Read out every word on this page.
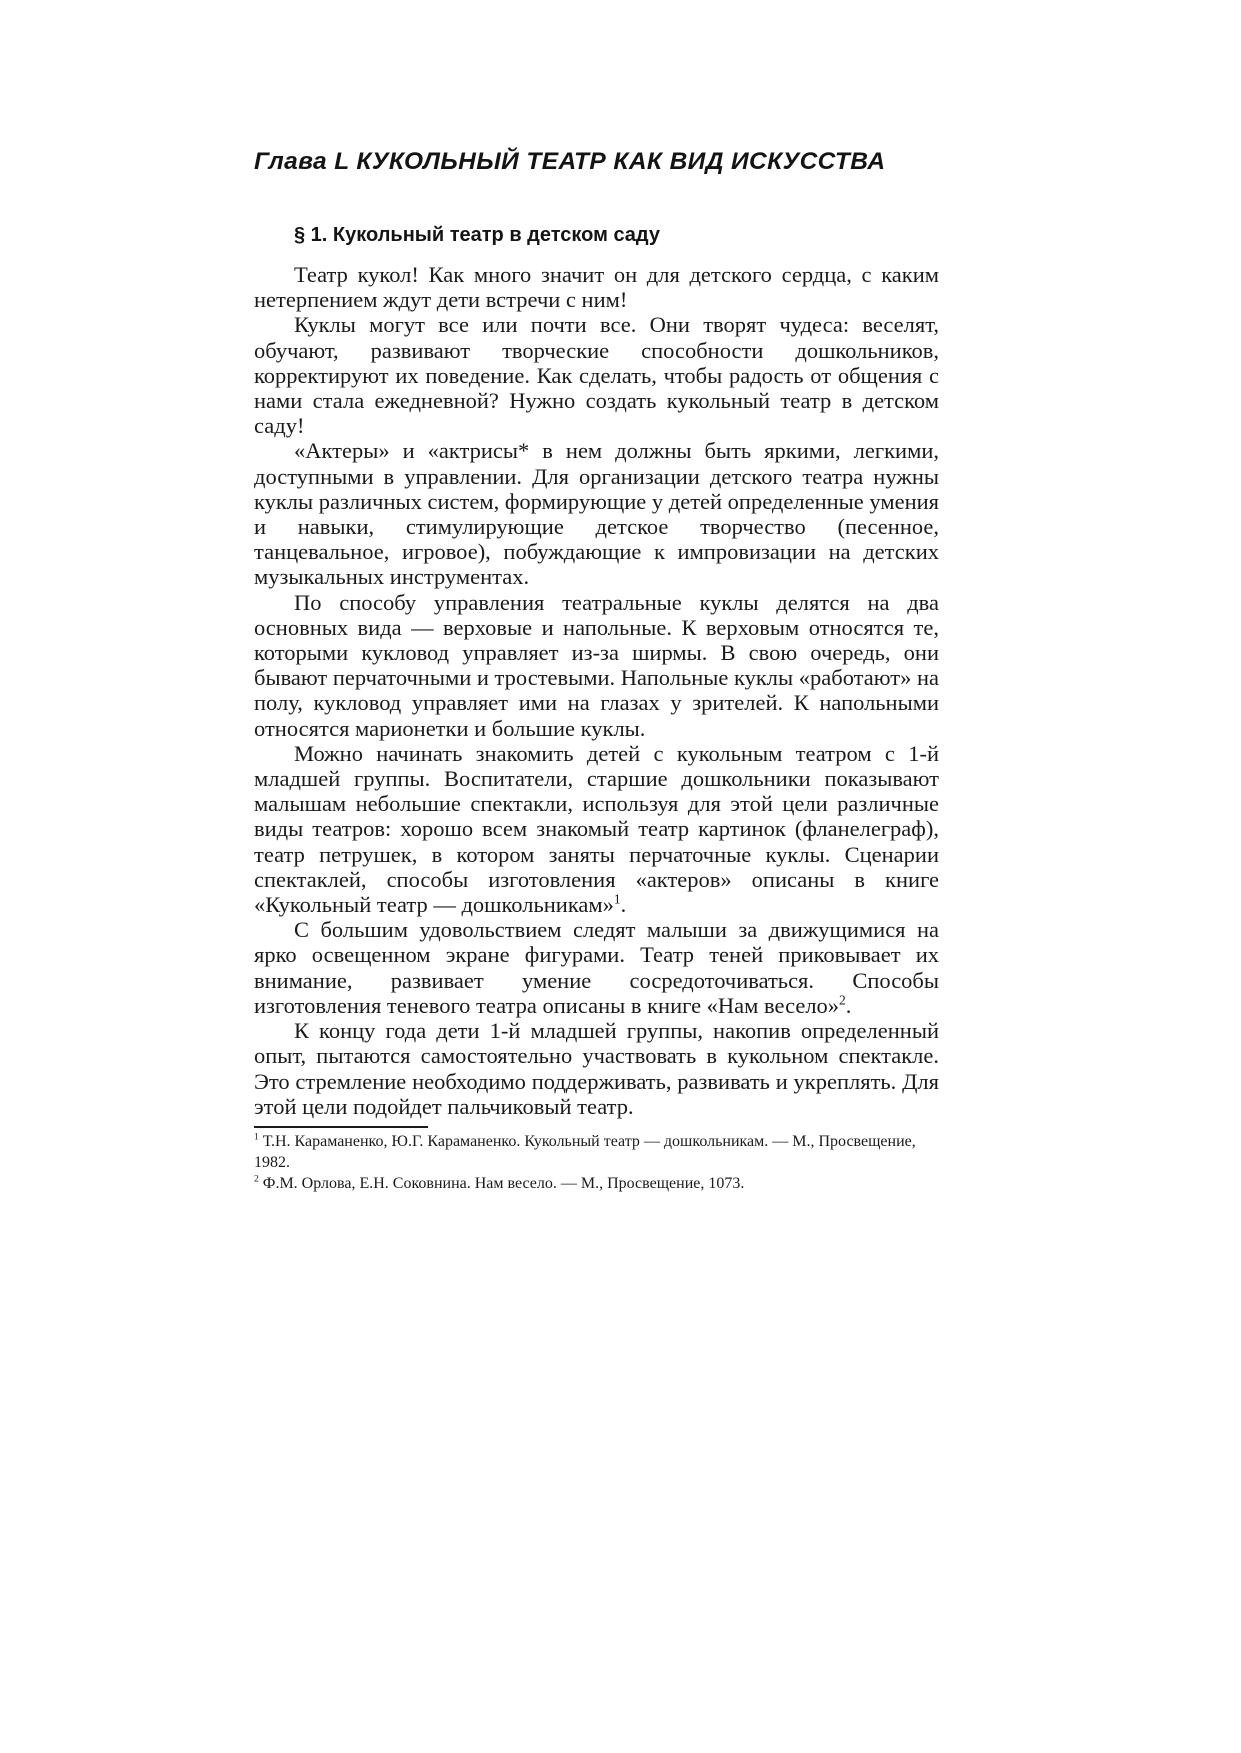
Глава L КУКОЛЬНЫЙ ТЕАТР КАК ВИД ИСКУССТВА
§ 1. Кукольный театр в детском саду

Театр кукол! Как много значит он для детского сердца, с каким нетерпением ждут дети встречи с ним!

Куклы могут все или почти все. Они творят чудеса: веселят, обучают, развивают творческие способности дошкольников, корректируют их поведение. Как сделать, чтобы радость от общения с нами стала ежедневной? Нужно создать кукольный театр в детском саду!

«Актеры» и «актрисы* в нем должны быть яркими, легкими, доступными в управлении. Для организации детского театра нужны куклы различных систем, формирующие у детей определенные умения и навыки, стимулирующие детское творчество (песенное, танцевальное, игровое), побуждающие к импровизации на детских музыкальных инструментах.

По способу управления театральные куклы делятся на два основных вида — верховые и напольные. К верховым относятся те, которыми кукловод управляет из-за ширмы. В свою очередь, они бывают перчаточными и тростевыми. Напольные куклы «работают» на полу, кукловод управляет ими на глазах у зрителей. К напольными относятся марионетки и большие куклы.

Можно начинать знакомить детей с кукольным театром с 1-й младшей группы. Воспитатели, старшие дошкольники показывают малышам небольшие спектакли, используя для этой цели различные виды театров: хорошо всем знакомый театр картинок (фланелеграф), театр петрушек, в котором заняты перчаточные куклы. Сценарии спектаклей, способы изготовления «актеров» описаны в книге «Кукольный театр — дошкольникам»$^1$.

С большим удовольствием следят малыши за движущимися на ярко освещенном экране фигурами. Театр теней приковывает их внимание, развивает умение сосредоточиваться. Способы изготовления теневого театра описаны в книге «Нам весело»$^2$.

К концу года дети 1-й младшей группы, накопив определенный опыт, пытаются самостоятельно участвовать в кукольном спектакле. Это стремление необходимо поддерживать, развивать и укреплять. Для этой цели подойдет пальчиковый театр.

$^1$ Т.Н. Караманенко, Ю.Г. Караманенко. Кукольный театр — дошкольникам. — М., Просвещение, 1982.

$^2$ Ф.М. Орлова, Е.Н. Соковнина. Нам весело. — М., Просвещение, 1073.
